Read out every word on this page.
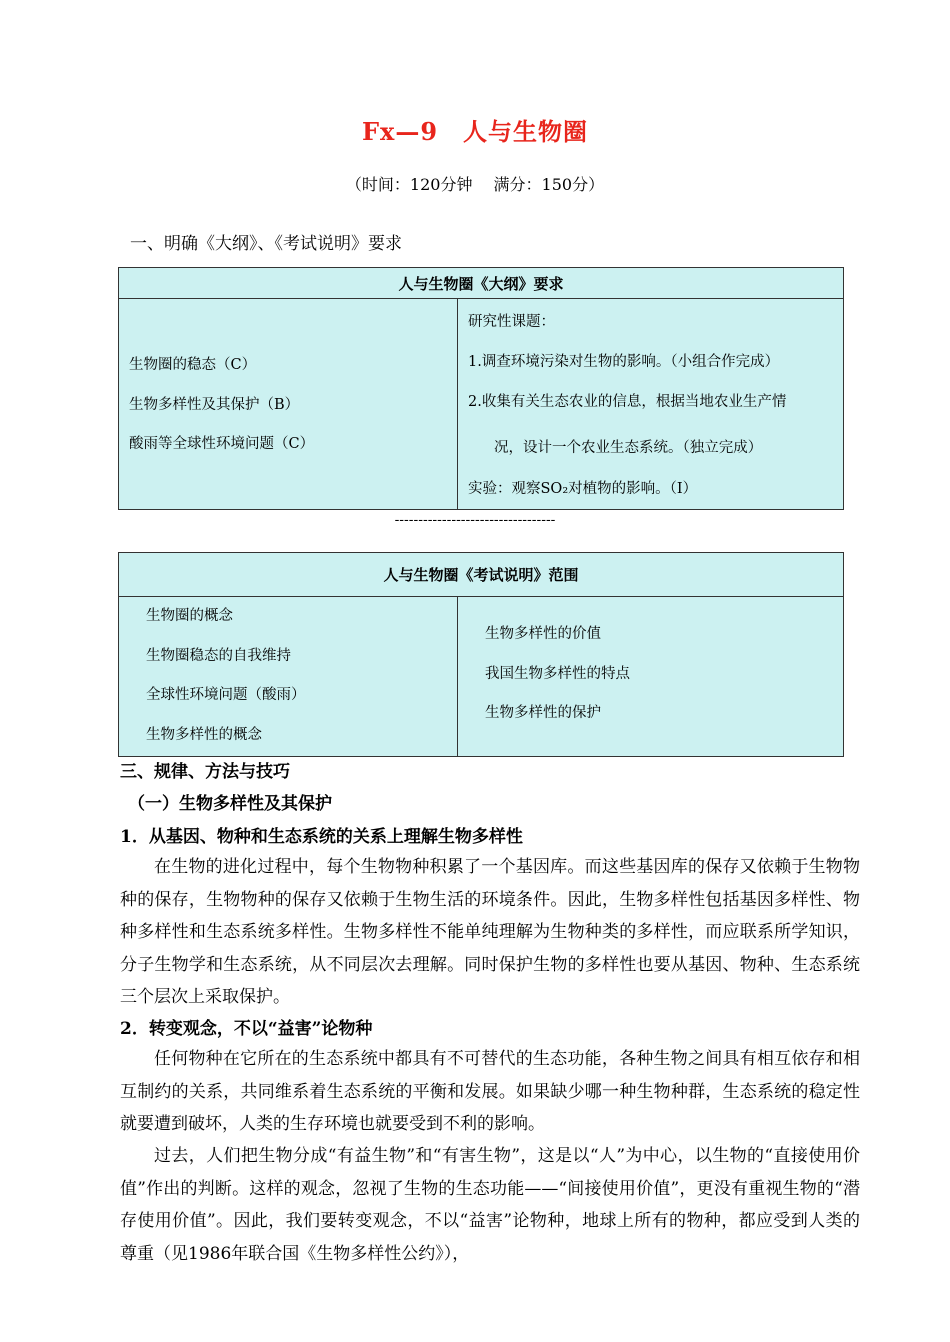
Fx—9　人与生物圈
（时间：120分钟　 满分：150分）
一、明确《大纲》、《考试说明》要求
人与生物圈《大纲》要求

生物圈的稳态（C）
生物多样性及其保护（B）
酸雨等全球性环境问题（C）

研究性课题：
1.调查环境污染对生物的影响。（小组合作完成）
2.收集有关生态农业的信息，根据当地农业生产情
况，设计一个农业生态系统。（独立完成）
实验：观察SO₂对植物的影响。（I）
----------------------------------
人与生物圈《考试说明》范围

生物圈的概念
生物圈稳态的自我维持
全球性环境问题（酸雨）
生物多样性的概念

生物多样性的价值
我国生物多样性的特点
生物多样性的保护
三、规律、方法与技巧
（一）生物多样性及其保护
1．从基因、物种和生态系统的关系上理解生物多样性

在生物的进化过程中，每个生物物种积累了一个基因库。而这些基因库的保存又依赖于生物物种的保存，生物物种的保存又依赖于生物生活的环境条件。因此，生物多样性包括基因多样性、物种多样性和生态系统多样性。生物多样性不能单纯理解为生物种类的多样性，而应联系所学知识，分子生物学和生态系统，从不同层次去理解。同时保护生物的多样性也要从基因、物种、生态系统三个层次上采取保护。

2．转变观念，不以“益害”论物种

任何物种在它所在的生态系统中都具有不可替代的生态功能，各种生物之间具有相互依存和相互制约的关系，共同维系着生态系统的平衡和发展。如果缺少哪一种生物种群，生态系统的稳定性就要遭到破坏，人类的生存环境也就要受到不利的影响。

过去，人们把生物分成“有益生物”和“有害生物”，这是以“人”为中心，以生物的“直接使用价值”作出的判断。这样的观念，忽视了生物的生态功能——“间接使用价值”，更没有重视生物的“潜存使用价值”。因此，我们要转变观念，不以“益害”论物种，地球上所有的物种，都应受到人类的尊重（见1986年联合国《生物多样性公约》），
